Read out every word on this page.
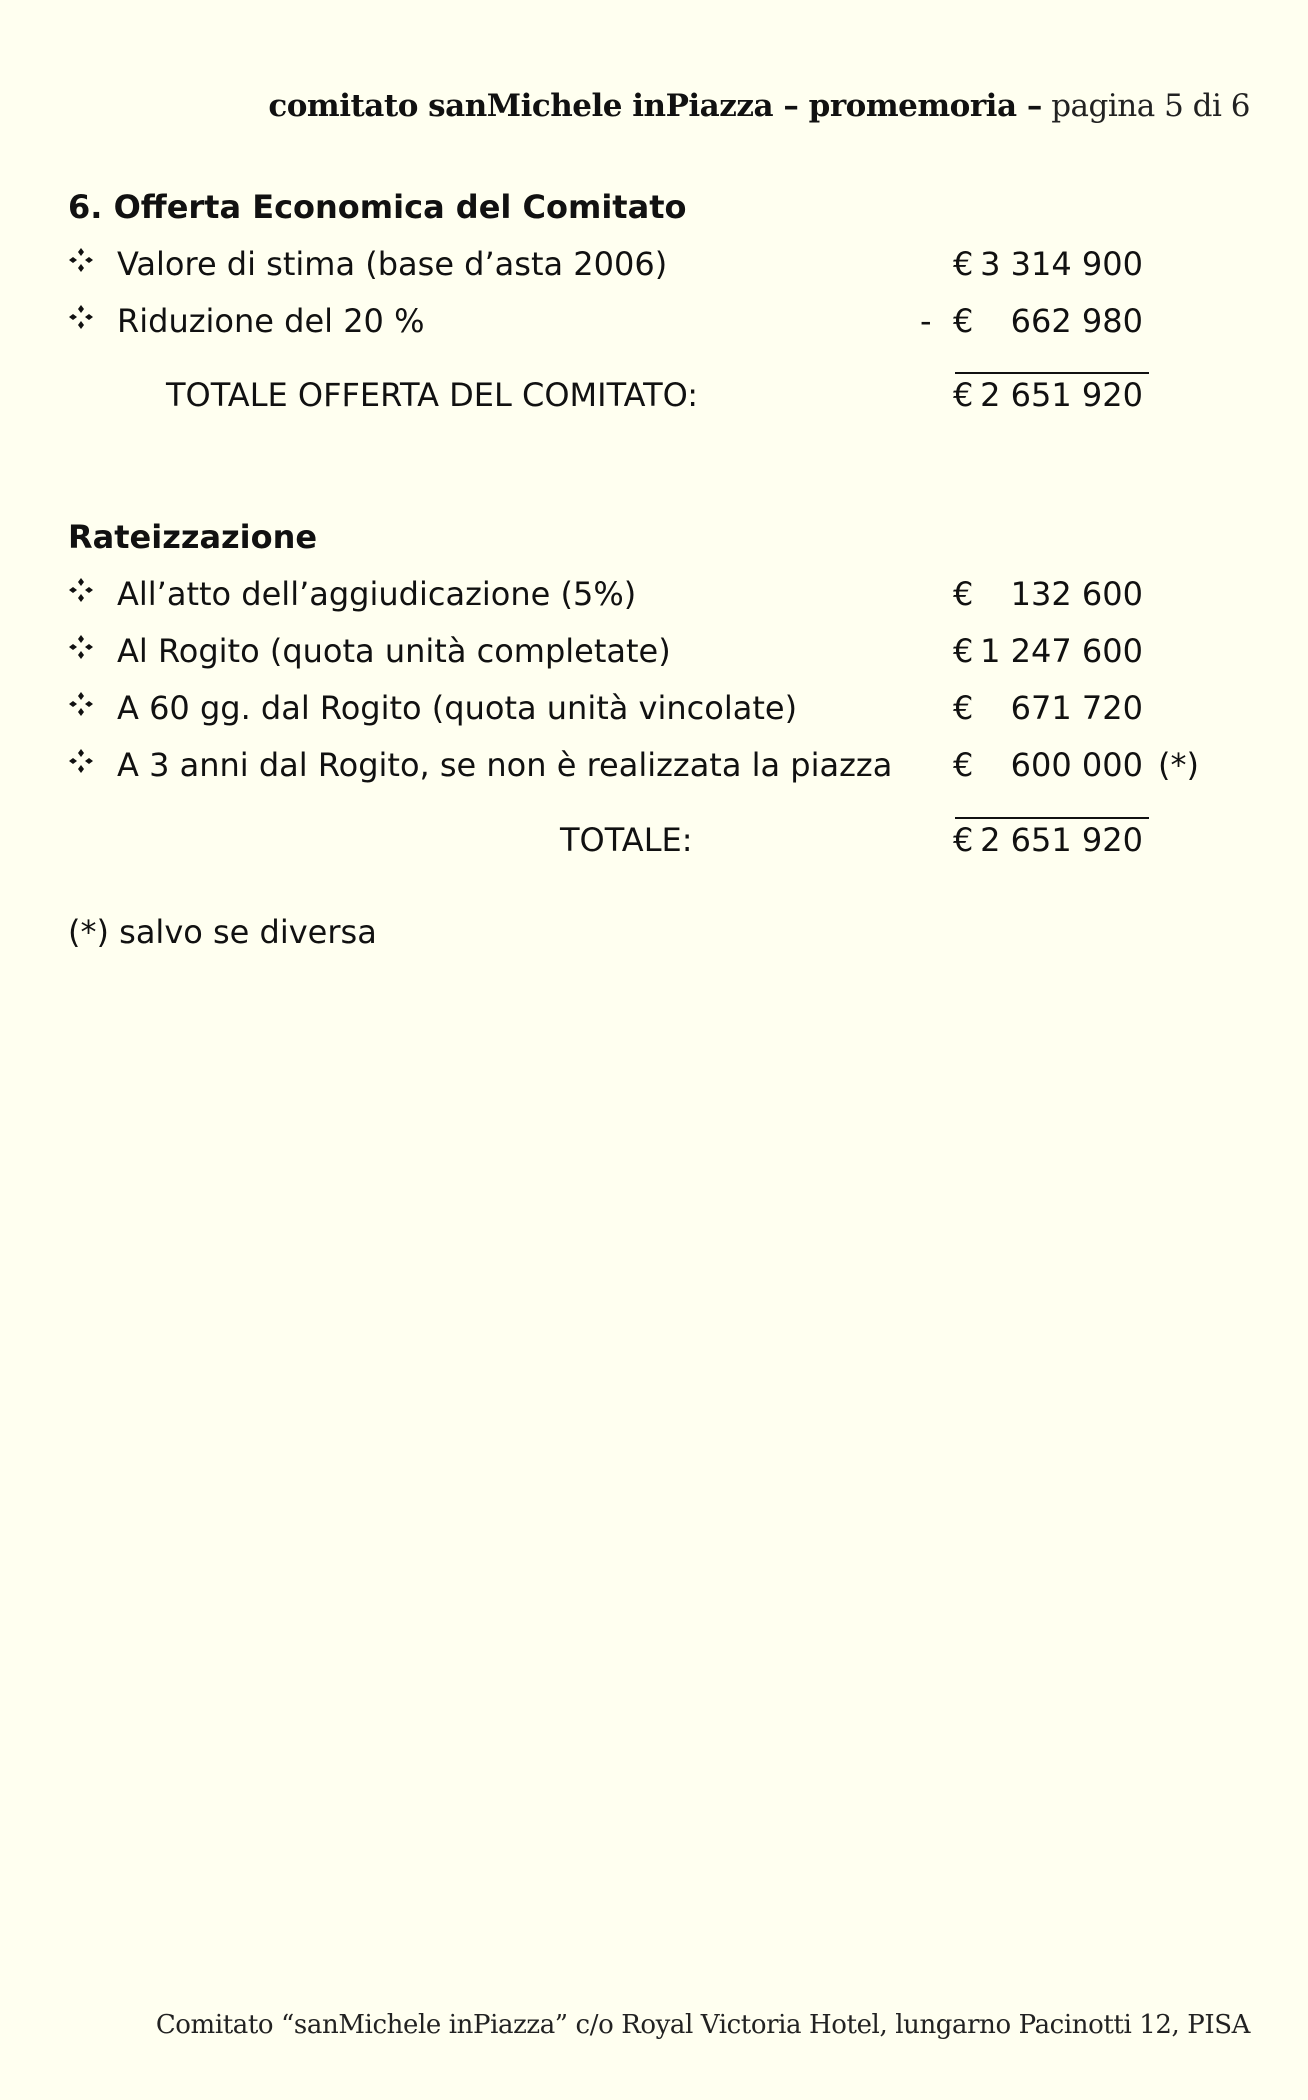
comitato sanMichele inPiazza – promemoria – pagina 5 di 6
6. Offerta Economica del Comitato
Valore di stima (base d’asta 2006)	€ 3 314 900
Riduzione del 20 %	- € 662 980
TOTALE OFFERTA DEL COMITATO:	€ 2 651 920
Rateizzazione
All’atto dell’aggiudicazione (5%)	€ 132 600
Al Rogito (quota unità completate)	€ 1 247 600
A 60 gg. dal Rogito (quota unità vincolate)	€ 671 720
A 3 anni dal Rogito, se non è realizzata la piazza € 600 000 (*)
TOTALE:	€ 2 651 920
(*) salvo se diversa
Comitato “sanMichele inPiazza” c/o Royal Victoria Hotel, lungarno Pacinotti 12, PISA
